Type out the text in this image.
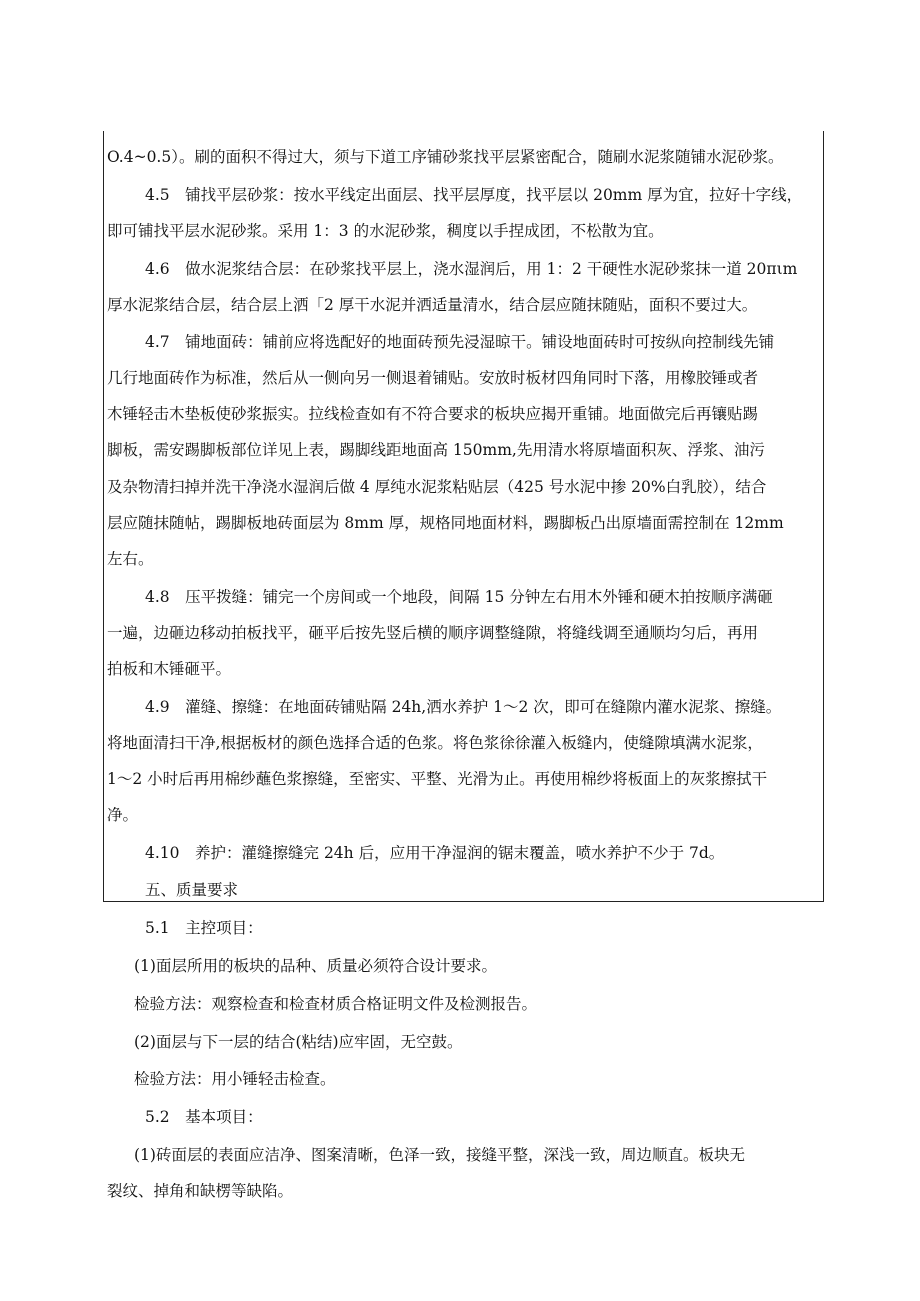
O.4~0.5）。刷的面积不得过大，须与下道工序铺砂浆找平层紧密配合，随刷水泥浆随铺水泥砂浆。
4.5　铺找平层砂浆：按水平线定出面层、找平层厚度，找平层以 20mm 厚为宜，拉好十字线，
即可铺找平层水泥砂浆。采用 1：3 的水泥砂浆，稠度以手捏成团，不松散为宜。
4.6　做水泥浆结合层：在砂浆找平层上，浇水湿润后，用 1：2 干硬性水泥砂浆抹一道 20πιm
厚水泥浆结合层，结合层上洒「2 厚干水泥并洒适量清水，结合层应随抹随贴，面积不要过大。
4.7　铺地面砖：铺前应将选配好的地面砖预先浸湿晾干。铺设地面砖时可按纵向控制线先铺
几行地面砖作为标准，然后从一侧向另一侧退着铺贴。安放时板材四角同时下落，用橡胶锤或者
木锤轻击木垫板使砂浆振实。拉线检查如有不符合要求的板块应揭开重铺。地面做完后再镶贴踢
脚板，需安踢脚板部位详见上表，踢脚线距地面高 150mm,先用清水将原墙面积灰、浮浆、油污
及杂物清扫掉并洗干净浇水湿润后做 4 厚纯水泥浆粘贴层（425 号水泥中掺 20%白乳胶），结合
层应随抹随帖，踢脚板地砖面层为 8mm 厚，规格同地面材料，踢脚板凸出原墙面需控制在 12mm
左右。
4.8　压平拨缝：铺完一个房间或一个地段，间隔 15 分钟左右用木外锤和硬木拍按顺序满砸
一遍，边砸边移动拍板找平，砸平后按先竖后横的顺序调整缝隙，将缝线调至通顺均匀后，再用
拍板和木锤砸平。
4.9　灌缝、擦缝：在地面砖铺贴隔 24h,洒水养护 1～2 次，即可在缝隙内灌水泥浆、擦缝。
将地面清扫干净,根据板材的颜色选择合适的色浆。将色浆徐徐灌入板缝内，使缝隙填满水泥浆，
1～2 小时后再用棉纱蘸色浆擦缝，至密实、平整、光滑为止。再使用棉纱将板面上的灰浆擦拭干
净。
4.10　养护：灌缝擦缝完 24h 后，应用干净湿润的锯末覆盖，喷水养护不少于 7d。
五、质量要求
5.1　主控项目：
(1)面层所用的板块的品种、质量必须符合设计要求。
检验方法：观察检查和检查材质合格证明文件及检测报告。
(2)面层与下一层的结合(粘结)应牢固，无空鼓。
检验方法：用小锤轻击检查。
5.2　基本项目：
(1)砖面层的表面应洁净、图案清晰，色泽一致，接缝平整，深浅一致，周边顺直。板块无
裂纹、掉角和缺楞等缺陷。
